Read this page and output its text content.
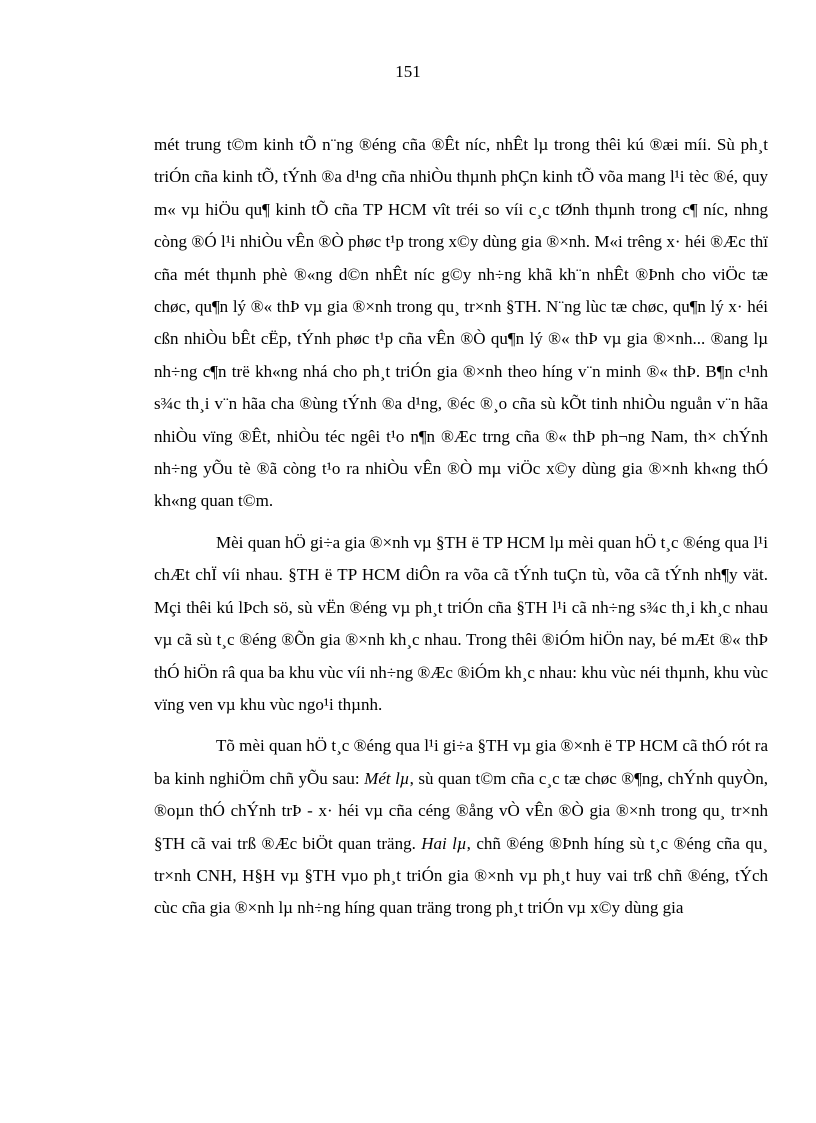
151

mét trung t©m kinh tÕ n¨ng ®éng cña ®Êt níc, nhÊt lµ trong thêi kú ®æi míi. Sù ph¸t triÓn cña kinh tÕ, tÝnh ®a d¹ng cña nhiÒu thµnh phÇn kinh tÕ võa mang l¹i tèc ®é, quy m« vµ hiÖu qu¶ kinh tÕ cña TP HCM vît tréi so víi c¸c tØnh thµnh trong c¶ níc, nhng còng ®Ó l¹i nhiÒu vÊn ®Ò phøc t¹p trong x©y dùng gia ®×nh. M«i trêng x· héi ®Æc thï cña mét thµnh phè ®«ng d©n nhÊt níc g©y nh÷ng khã kh¨n nhÊt ®Þnh cho viÖc tæ chøc, qu¶n lý ®« thÞ vµ gia ®×nh trong qu¸ tr×nh §TH. N¨ng lùc tæ chøc, qu¶n lý x· héi cßn nhiÒu bÊt cËp, tÝnh phøc t¹p cña vÊn ®Ò qu¶n lý ®« thÞ vµ gia ®×nh... ®ang lµ nh÷ng c¶n trë kh«ng nhá cho ph¸t triÓn gia ®×nh theo híng v¨n minh ®« thÞ. B¶n c¹nh s¾c th¸i v¨n hãa cha ®ùng tÝnh ®a d¹ng, ®éc ®¸o cña sù kÕt tinh nhiÒu nguån v¨n hãa nhiÒu vïng ®Êt, nhiÒu téc ngêi t¹o n¶n ®Æc trng cña ®« thÞ ph¬ng Nam, th× chÝnh nh÷ng yÕu tè ®ã còng t¹o ra nhiÒu vÊn ®Ò mµ viÖc x©y dùng gia ®×nh kh«ng thÓ kh«ng quan t©m.

Mèi quan hÖ gi÷a gia ®×nh vµ §TH ë TP HCM lµ mèi quan hÖ t¸c ®éng qua l¹i chÆt chÏ víi nhau. §TH ë TP HCM diÔn ra võa cã tÝnh tuÇn tù, võa cã tÝnh nh¶y vät. Mçi thêi kú lÞch sö, sù vËn ®éng vµ ph¸t triÓn cña §TH l¹i cã nh÷ng s¾c th¸i kh¸c nhau vµ cã sù t¸c ®éng ®Õn gia ®×nh kh¸c nhau. Trong thêi ®iÓm hiÖn nay, bé mÆt ®« thÞ thÓ hiÖn râ qua ba khu vùc víi nh÷ng ®Æc ®iÓm kh¸c nhau: khu vùc néi thµnh, khu vùc vïng ven vµ khu vùc ngo¹i thµnh.

Tõ mèi quan hÖ t¸c ®éng qua l¹i gi÷a §TH vµ gia ®×nh ë TP HCM cã thÓ rót ra ba kinh nghiÖm chñ yÕu sau: Mét lµ, sù quan t©m cña c¸c tæ chøc ®¶ng, chÝnh quyÒn, ®oµn thÓ chÝnh trÞ - x· héi vµ cña céng ®ång vÒ vÊn ®Ò gia ®×nh trong qu¸ tr×nh §TH cã vai trß ®Æc biÖt quan träng. Hai lµ, chñ ®éng ®Þnh híng sù t¸c ®éng cña qu¸ tr×nh CNH, H§H vµ §TH vµo ph¸t triÓn gia ®×nh vµ ph¸t huy vai trß chñ ®éng, tÝch cùc cña gia ®×nh lµ nh÷ng híng quan träng trong ph¸t triÓn vµ x©y dùng gia
